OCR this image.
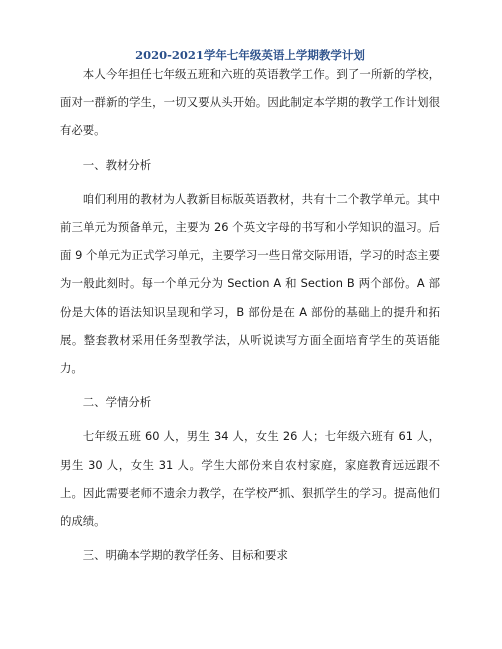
2020-2021学年七年级英语上学期教学计划

本人今年担任七年级五班和六班的英语教学工作。到了一所新的学校，面对一群新的学生，一切又要从头开始。因此制定本学期的教学工作计划很有必要。

一、教材分析

咱们利用的教材为人教新目标版英语教材，共有十二个教学单元。其中前三单元为预备单元，主要为 26 个英文字母的书写和小学知识的温习。后面 9 个单元为正式学习单元，主要学习一些日常交际用语，学习的时态主要为一般此刻时。每一个单元分为 Section A 和 Section B 两个部份。A 部份是大体的语法知识呈现和学习，B 部份是在 A 部份的基础上的提升和拓展。整套教材采用任务型教学法，从听说读写方面全面培育学生的英语能力。

二、学情分析

七年级五班 60 人，男生 34 人，女生 26 人；七年级六班有 61 人，男生 30 人，女生 31 人。学生大部份来自农村家庭，家庭教育远远跟不上。因此需要老师不遗余力教学，在学校严抓、狠抓学生的学习。提高他们的成绩。

三、明确本学期的教学任务、目标和要求
